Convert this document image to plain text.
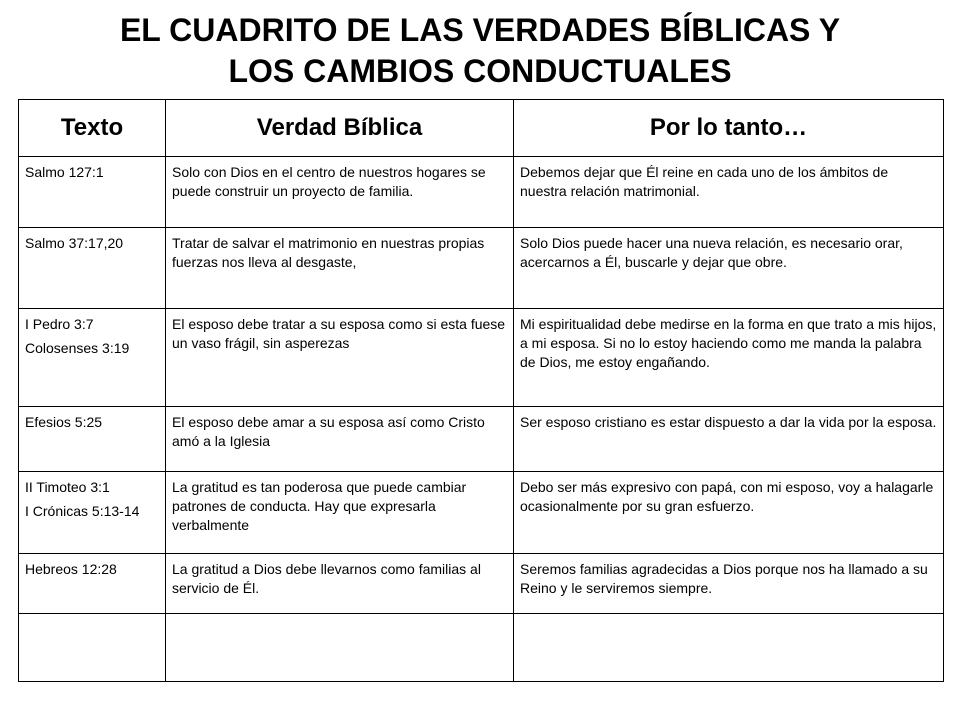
EL CUADRITO DE LAS VERDADES BÍBLICAS Y
LOS CAMBIOS CONDUCTUALES
Texto	Verdad Bíblica	Por lo tanto…

Salmo 127:1	Solo con Dios en el centro de nuestros hogares se puede construir un proyecto de familia.	Debemos dejar que Él reine en cada uno de los ámbitos de nuestra relación matrimonial.

Salmo 37:17,20	Tratar de salvar el matrimonio en nuestras propias fuerzas nos lleva al desgaste,	Solo Dios puede hacer una nueva relación, es necesario orar, acercarnos a Él, buscarle y dejar que obre.

I Pedro 3:7
Colosenses 3:19	El esposo debe tratar a su esposa como si esta fuese un vaso frágil, sin asperezas	Mi espiritualidad debe medirse en la forma en que trato a mis hijos, a mi esposa. Si no lo estoy haciendo como me manda la palabra de Dios, me estoy engañando.

Efesios 5:25	El esposo debe amar a su esposa así como Cristo amó a la Iglesia	Ser esposo cristiano es estar dispuesto a dar la vida por la esposa.

II Timoteo 3:1
I Crónicas 5:13-14	La gratitud es tan poderosa que puede cambiar patrones de conducta. Hay que expresarla verbalmente	Debo ser más expresivo con papá, con mi esposo, voy a halagarle ocasionalmente por su gran esfuerzo.

Hebreos 12:28	La gratitud a Dios debe llevarnos como familias al servicio de Él.	Seremos familias agradecidas a Dios porque nos ha llamado a su Reino y le serviremos siempre.
